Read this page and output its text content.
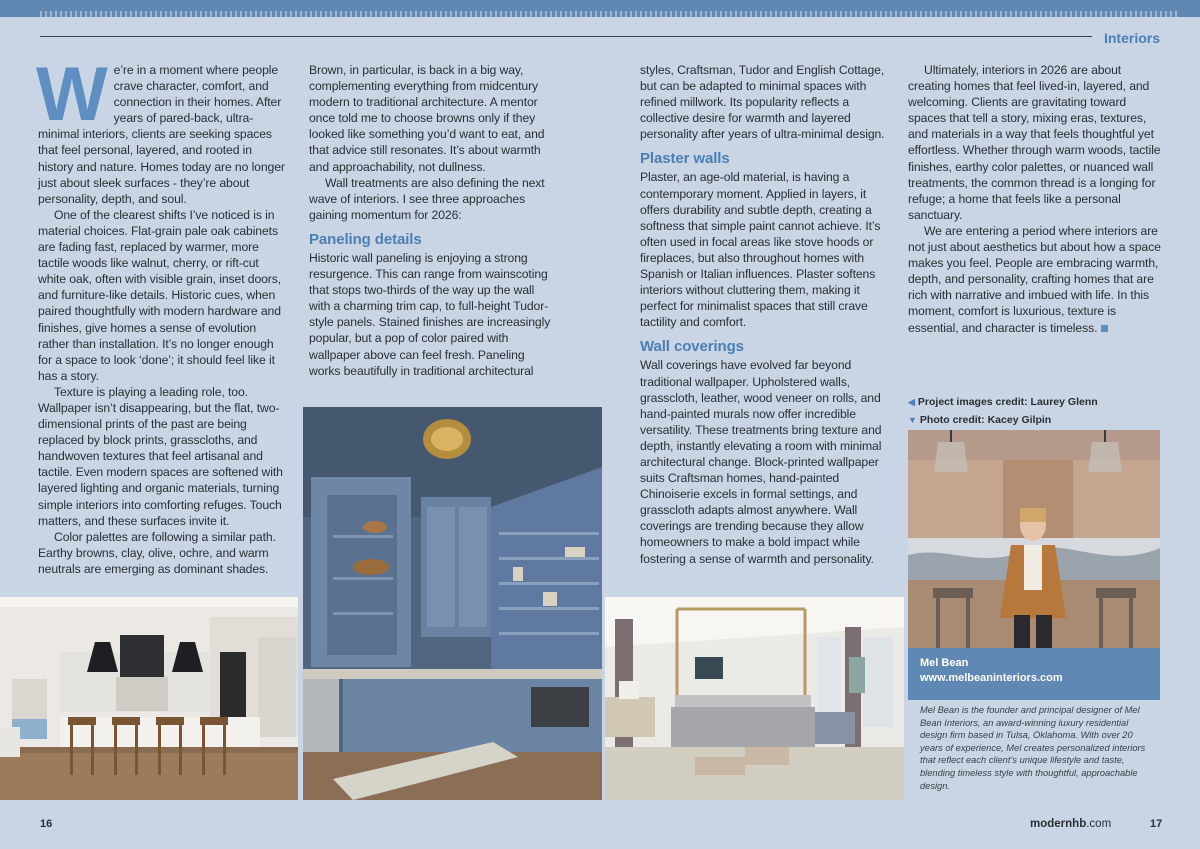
Interiors

We’re in a moment where people crave character, comfort, and connection in their homes. After years of pared-back, ultra-minimal interiors, clients are seeking spaces that feel personal, layered, and rooted in history and nature. Homes today are no longer just about sleek surfaces - they’re about personality, depth, and soul.

One of the clearest shifts I’ve noticed is in material choices. Flat-grain pale oak cabinets are fading fast, replaced by warmer, more tactile woods like walnut, cherry, or rift-cut white oak, often with visible grain, inset doors, and furniture-like details. Historic cues, when paired thoughtfully with modern hardware and finishes, give homes a sense of evolution rather than installation. It’s no longer enough for a space to look ‘done’; it should feel like it has a story.

Texture is playing a leading role, too. Wallpaper isn’t disappearing, but the flat, two-dimensional prints of the past are being replaced by block prints, grasscloths, and handwoven textures that feel artisanal and tactile. Even modern spaces are softened with layered lighting and organic materials, turning simple interiors into comforting refuges. Touch matters, and these surfaces invite it.

Color palettes are following a similar path. Earthy browns, clay, olive, ochre, and warm neutrals are emerging as dominant shades.

Brown, in particular, is back in a big way, complementing everything from midcentury modern to traditional architecture. A mentor once told me to choose browns only if they looked like something you’d want to eat, and that advice still resonates. It’s about warmth and approachability, not dullness.

Wall treatments are also defining the next wave of interiors. I see three approaches gaining momentum for 2026:

Paneling details

Historic wall paneling is enjoying a strong resurgence. This can range from wainscoting that stops two-thirds of the way up the wall with a charming trim cap, to full-height Tudor-style panels. Stained finishes are increasingly popular, but a pop of color paired with wallpaper above can feel fresh. Paneling works beautifully in traditional architectural

styles, Craftsman, Tudor and English Cottage, but can be adapted to minimal spaces with refined millwork. Its popularity reflects a collective desire for warmth and layered personality after years of ultra-minimal design.

Plaster walls

Plaster, an age-old material, is having a contemporary moment. Applied in layers, it offers durability and subtle depth, creating a softness that simple paint cannot achieve. It’s often used in focal areas like stove hoods or fireplaces, but also throughout homes with Spanish or Italian influences. Plaster softens interiors without cluttering them, making it perfect for minimalist spaces that still crave tactility and comfort.

Wall coverings

Wall coverings have evolved far beyond traditional wallpaper. Upholstered walls, grasscloth, leather, wood veneer on rolls, and hand-painted murals now offer incredible versatility. These treatments bring texture and depth, instantly elevating a room with minimal architectural change. Block-printed wallpaper suits Craftsman homes, hand-painted Chinoiserie excels in formal settings, and grasscloth adapts almost anywhere. Wall coverings are trending because they allow homeowners to make a bold impact while fostering a sense of warmth and personality.

Ultimately, interiors in 2026 are about creating homes that feel lived-in, layered, and welcoming. Clients are gravitating toward spaces that tell a story, mixing eras, textures, and materials in a way that feels thoughtful yet effortless. Whether through warm woods, tactile finishes, earthy color palettes, or nuanced wall treatments, the common thread is a longing for refuge; a home that feels like a personal sanctuary.

We are entering a period where interiors are not just about aesthetics but about how a space makes you feel. People are embracing warmth, depth, and personality, crafting homes that are rich with narrative and imbued with life. In this moment, comfort is luxurious, texture is essential, and character is timeless.

◀ Project images credit: Laurey Glenn
▼ Photo credit: Kacey Gilpin
Mel Bean
www.melbeaninteriors.com
Mel Bean is the founder and principal designer of Mel Bean Interiors, an award-winning luxury residential design firm based in Tulsa, Oklahoma. With over 20 years of experience, Mel creates personalized interiors that reflect each client’s unique lifestyle and taste, blending timeless style with thoughtful, approachable design.
16	modernhb.com	17
